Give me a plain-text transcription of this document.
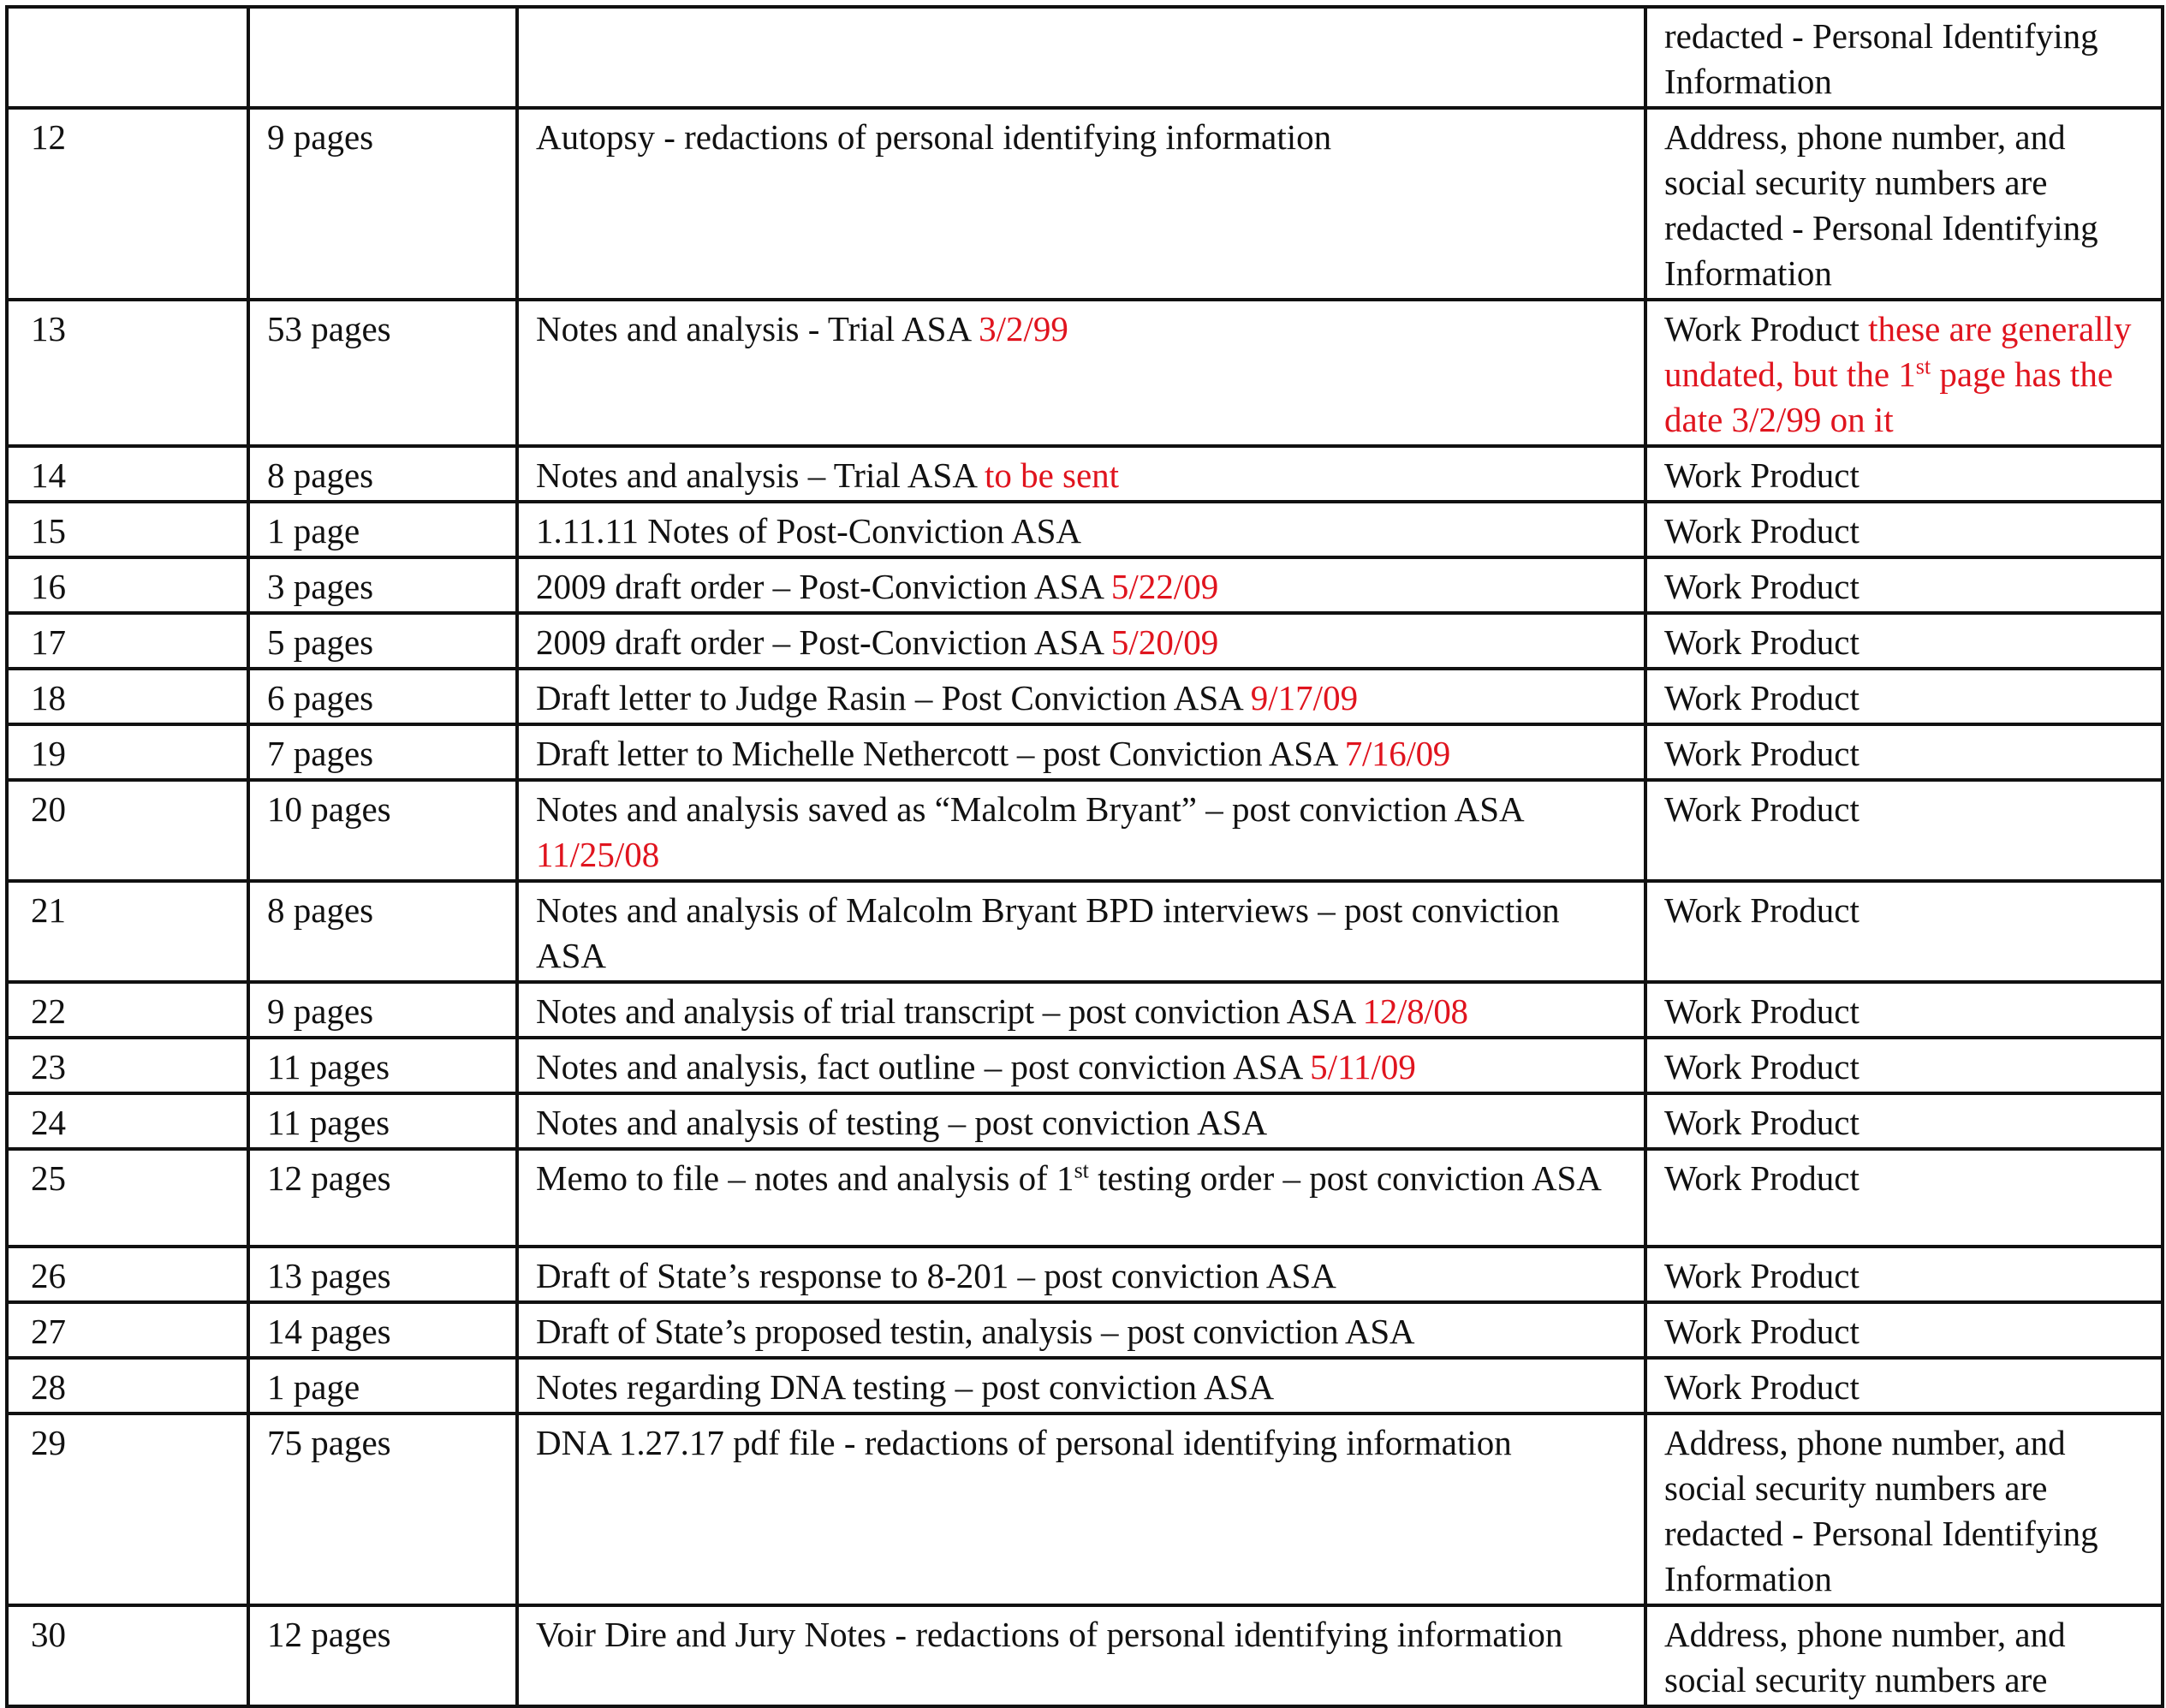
			redacted - Personal Identifying Information
12	9 pages	Autopsy - redactions of personal identifying information	Address, phone number, and social security numbers are redacted - Personal Identifying Information
13	53 pages	Notes and analysis - Trial ASA 3/2/99	Work Product these are generally undated, but the 1st page has the date 3/2/99 on it
14	8 pages	Notes and analysis – Trial ASA to be sent	Work Product
15	1 page	1.11.11 Notes of Post-Conviction ASA	Work Product
16	3 pages	2009 draft order – Post-Conviction ASA 5/22/09	Work Product
17	5 pages	2009 draft order – Post-Conviction ASA 5/20/09	Work Product
18	6 pages	Draft letter to Judge Rasin – Post Conviction ASA 9/17/09	Work Product
19	7 pages	Draft letter to Michelle Nethercott – post Conviction ASA 7/16/09	Work Product
20	10 pages	Notes and analysis saved as “Malcolm Bryant” – post conviction ASA 11/25/08	Work Product
21	8 pages	Notes and analysis of Malcolm Bryant BPD interviews – post conviction ASA	Work Product
22	9 pages	Notes and analysis of trial transcript – post conviction ASA 12/8/08	Work Product
23	11 pages	Notes and analysis, fact outline – post conviction ASA 5/11/09	Work Product
24	11 pages	Notes and analysis of testing – post conviction ASA	Work Product
25	12 pages	Memo to file – notes and analysis of 1st testing order – post conviction ASA	Work Product
26	13 pages	Draft of State’s response to 8-201 – post conviction ASA	Work Product
27	14 pages	Draft of State’s proposed testin, analysis – post conviction ASA	Work Product
28	1 page	Notes regarding DNA testing – post conviction ASA	Work Product
29	75 pages	DNA 1.27.17 pdf file - redactions of personal identifying information	Address, phone number, and social security numbers are redacted - Personal Identifying Information
30	12 pages	Voir Dire and Jury Notes - redactions of personal identifying information	Address, phone number, and social security numbers are
